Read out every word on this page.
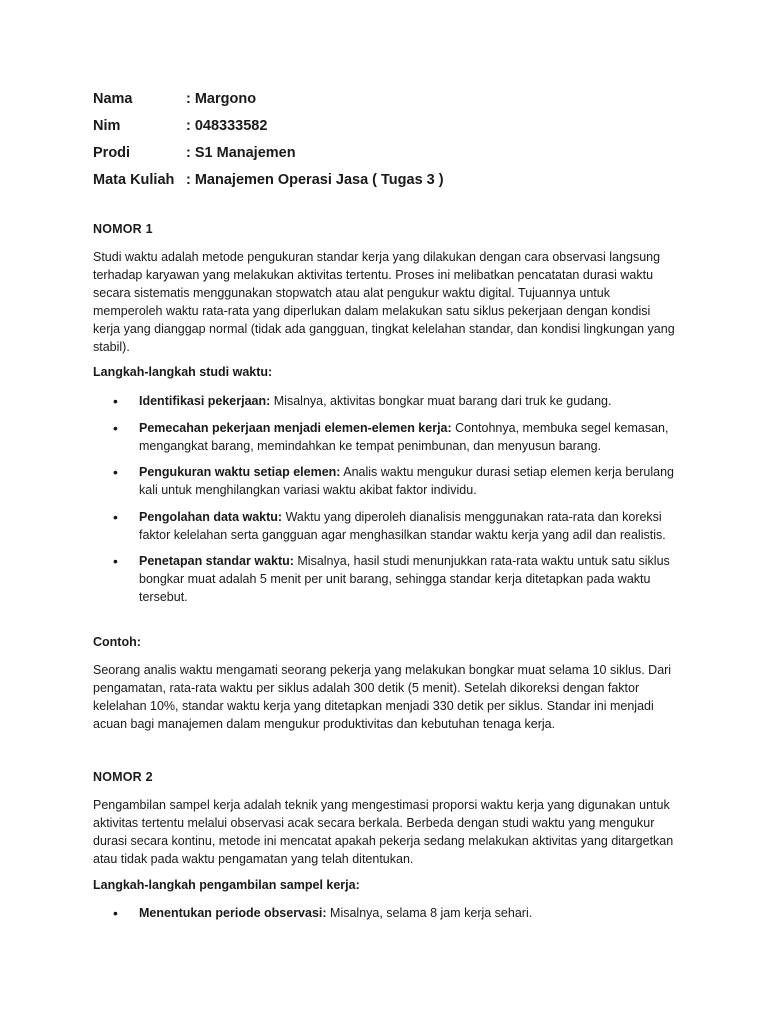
Nama	: Margono
Nim	: 048333582
Prodi	: S1 Manajemen
Mata Kuliah : Manajemen Operasi Jasa ( Tugas 3 )
NOMOR 1
Studi waktu adalah metode pengukuran standar kerja yang dilakukan dengan cara observasi langsung terhadap karyawan yang melakukan aktivitas tertentu. Proses ini melibatkan pencatatan durasi waktu secara sistematis menggunakan stopwatch atau alat pengukur waktu digital. Tujuannya untuk memperoleh waktu rata-rata yang diperlukan dalam melakukan satu siklus pekerjaan dengan kondisi kerja yang dianggap normal (tidak ada gangguan, tingkat kelelahan standar, dan kondisi lingkungan yang stabil).
Langkah-langkah studi waktu:
• Identifikasi pekerjaan: Misalnya, aktivitas bongkar muat barang dari truk ke gudang.
• Pemecahan pekerjaan menjadi elemen-elemen kerja: Contohnya, membuka segel kemasan, mengangkat barang, memindahkan ke tempat penimbunan, dan menyusun barang.
• Pengukuran waktu setiap elemen: Analis waktu mengukur durasi setiap elemen kerja berulang kali untuk menghilangkan variasi waktu akibat faktor individu.
• Pengolahan data waktu: Waktu yang diperoleh dianalisis menggunakan rata-rata dan koreksi faktor kelelahan serta gangguan agar menghasilkan standar waktu kerja yang adil dan realistis.
• Penetapan standar waktu: Misalnya, hasil studi menunjukkan rata-rata waktu untuk satu siklus bongkar muat adalah 5 menit per unit barang, sehingga standar kerja ditetapkan pada waktu tersebut.
Contoh:
Seorang analis waktu mengamati seorang pekerja yang melakukan bongkar muat selama 10 siklus. Dari pengamatan, rata-rata waktu per siklus adalah 300 detik (5 menit). Setelah dikoreksi dengan faktor kelelahan 10%, standar waktu kerja yang ditetapkan menjadi 330 detik per siklus. Standar ini menjadi acuan bagi manajemen dalam mengukur produktivitas dan kebutuhan tenaga kerja.
NOMOR 2
Pengambilan sampel kerja adalah teknik yang mengestimasi proporsi waktu kerja yang digunakan untuk aktivitas tertentu melalui observasi acak secara berkala. Berbeda dengan studi waktu yang mengukur durasi secara kontinu, metode ini mencatat apakah pekerja sedang melakukan aktivitas yang ditargetkan atau tidak pada waktu pengamatan yang telah ditentukan.
Langkah-langkah pengambilan sampel kerja:
• Menentukan periode observasi: Misalnya, selama 8 jam kerja sehari.
